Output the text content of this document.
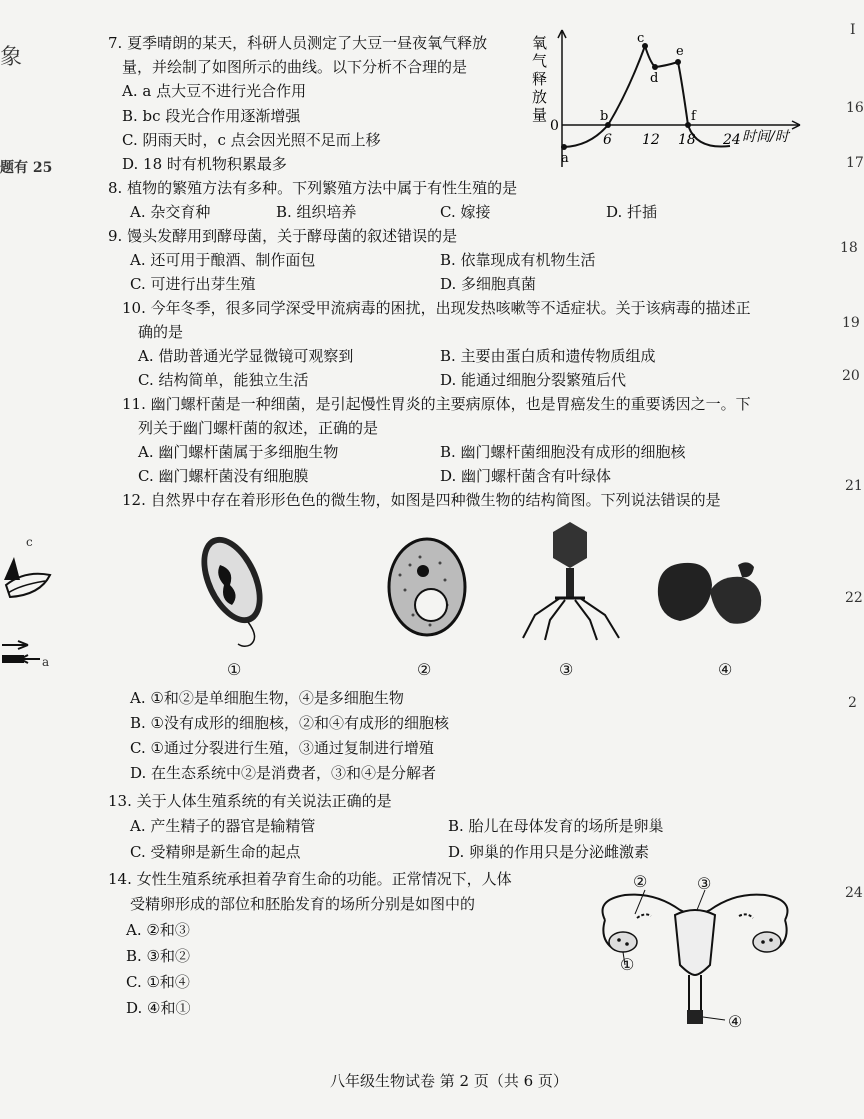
象
题有 25
c
a
I
16
17
18
19
20
21
22
2
24
7. 夏季晴朗的某天，科研人员测定了大豆一昼夜氧气释放
量，并绘制了如图所示的曲线。以下分析不合理的是
A. a 点大豆不进行光合作用
B. bc 段光合作用逐渐增强
C. 阴雨天时，c 点会因光照不足而上移
D. 18 时有机物积累最多
氧
气
释
放
量
0
6 12 18 24 时间/时
a
b
c
d
e
f
8. 植物的繁殖方法有多种。下列繁殖方法中属于有性生殖的是
A. 杂交育种	B. 组织培养	C. 嫁接	D. 扦插
9. 馒头发酵用到酵母菌，关于酵母菌的叙述错误的是
A. 还可用于酿酒、制作面包	B. 依靠现成有机物生活
C. 可进行出芽生殖	D. 多细胞真菌
10. 今年冬季，很多同学深受甲流病毒的困扰，出现发热咳嗽等不适症状。关于该病毒的描述正
确的是
A. 借助普通光学显微镜可观察到	B. 主要由蛋白质和遗传物质组成
C. 结构简单，能独立生活	D. 能通过细胞分裂繁殖后代
11. 幽门螺杆菌是一种细菌，是引起慢性胃炎的主要病原体，也是胃癌发生的重要诱因之一。下
列关于幽门螺杆菌的叙述，正确的是
A. 幽门螺杆菌属于多细胞生物	B. 幽门螺杆菌细胞没有成形的细胞核
C. 幽门螺杆菌没有细胞膜	D. 幽门螺杆菌含有叶绿体
12. 自然界中存在着形形色色的微生物，如图是四种微生物的结构简图。下列说法错误的是
①	②	③	④
A. ①和②是单细胞生物，④是多细胞生物
B. ①没有成形的细胞核，②和④有成形的细胞核
C. ①通过分裂进行生殖，③通过复制进行增殖
D. 在生态系统中②是消费者，③和④是分解者
13. 关于人体生殖系统的有关说法正确的是
A. 产生精子的器官是输精管	B. 胎儿在母体发育的场所是卵巢
C. 受精卵是新生命的起点	D. 卵巢的作用只是分泌雌激素
14. 女性生殖系统承担着孕育生命的功能。正常情况下，人体
受精卵形成的部位和胚胎发育的场所分别是如图中的
A. ②和③
B. ③和②
C. ①和④
D. ④和①
②	③
①
④
八年级生物试卷 第 2 页（共 6 页）
